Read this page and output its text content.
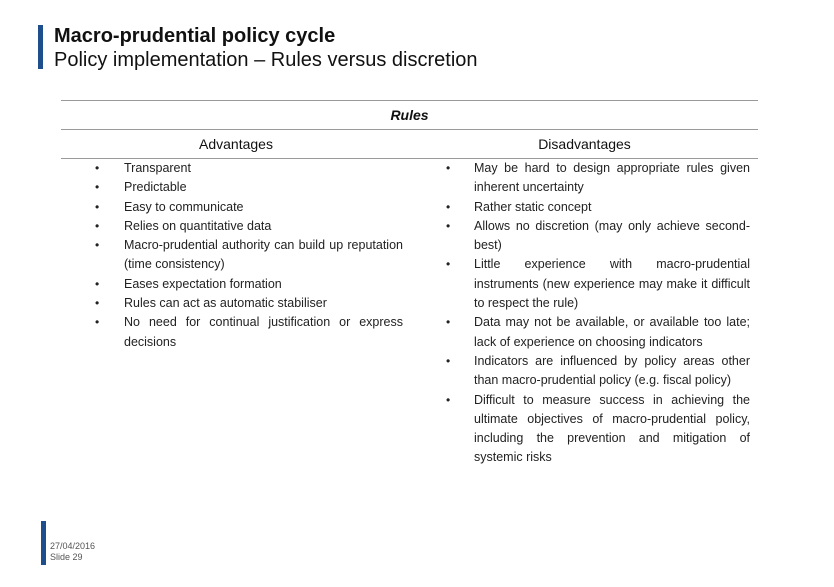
Macro-prudential policy cycle

Policy implementation – Rules versus discretion

Rules
Advantages	Disadvantages
• Transparent
• Predictable
• Easy to communicate
• Relies on quantitative data
• Macro-prudential authority can build up reputation (time consistency)
• Eases expectation formation
• Rules can act as automatic stabiliser
• No need for continual justification or express decisions
• May be hard to design appropriate rules given inherent uncertainty
• Rather static concept
• Allows no discretion (may only achieve second-best)
• Little experience with macro-prudential instruments (new experience may make it difficult to respect the rule)
• Data may not be available, or available too late; lack of experience on choosing indicators
• Indicators are influenced by policy areas other than macro-prudential policy (e.g. fiscal policy)
• Difficult to measure success in achieving the ultimate objectives of macro-prudential policy, including the prevention and mitigation of systemic risks
27/04/2016
Slide 29
